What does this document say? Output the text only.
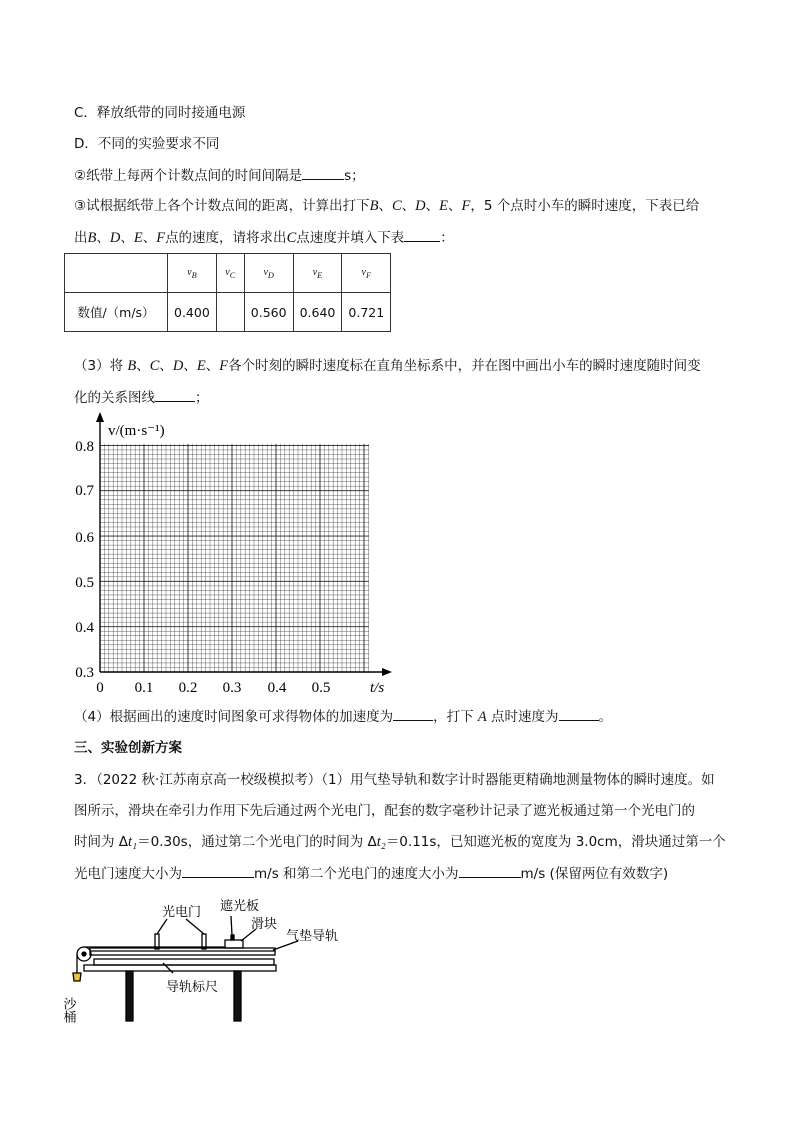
C．释放纸带的同时接通电源
D．不同的实验要求不同
②纸带上每两个计数点间的时间间隔是	s；
③试根据纸带上各个计数点间的距离，计算出打下B、C、D、E、F，5 个点时小车的瞬时速度，下表已给
出B、D、E、F点的速度，请将求出C点速度并填入下表	：
	$v_B$	$v_C$	$v_D$	$v_E$	$v_F$
数值/（m/s）	0.400		0.560	0.640	0.721
（3）将 B、C、D、E、F各个时刻的瞬时速度标在直角坐标系中，并在图中画出小车的瞬时速度随时间变
化的关系图线	；
v/(m·s⁻¹)
t/s
0.8
0.7
0.6
0.5
0.4
0.3
0 0.1 0.2 0.3 0.4 0.5
（4）根据画出的速度时间图象可求得物体的加速度为	，打下 A 点时速度为	。
三、实验创新方案
3．（2022 秋·江苏南京高一校级模拟考）（1）用气垫导轨和数字计时器能更精确地测量物体的瞬时速度。如
图所示，滑块在牵引力作用下先后通过两个光电门，配套的数字毫秒计记录了遮光板通过第一个光电门的
时间为 Δt₁＝0.30s，通过第二个光电门的时间为 Δt₂＝0.11s，已知遮光板的宽度为 3.0cm，滑块通过第一个
光电门速度大小为	m/s 和第二个光电门的速度大小为	m/s (保留两位有效数字)
光电门 遮光板
滑块
气垫导轨
导轨标尺
沙桶
